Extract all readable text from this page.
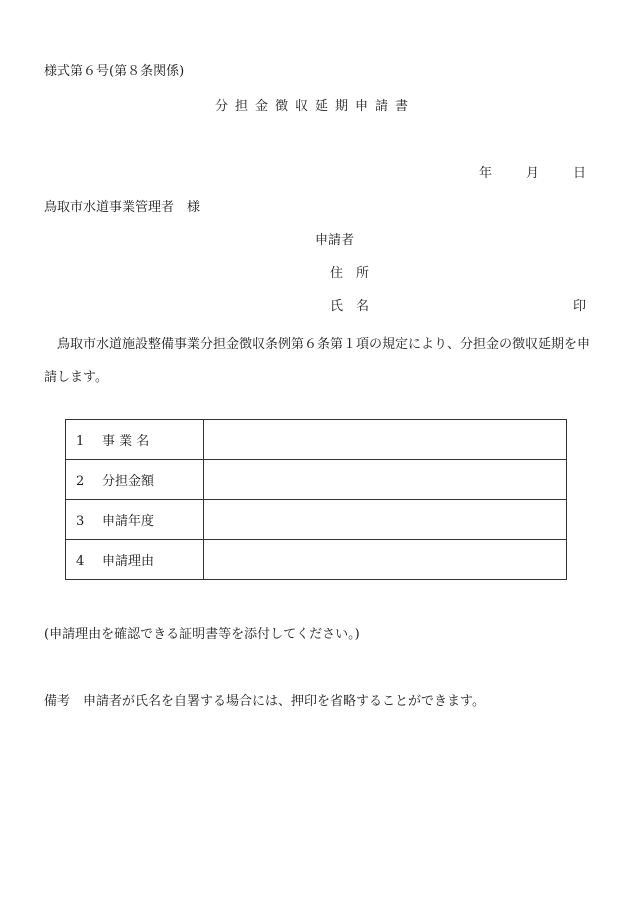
様式第６号(第８条関係)
分担金徴収延期申請書
年	月	日
鳥取市水道事業管理者　様
申請者
住　所
氏　名	印
鳥取市水道施設整備事業分担金徴収条例第６条第１項の規定により、分担金の徴収延期を申請します。
1 事 業 名	
2 分担金額	
3 申請年度	
4 申請理由	
(申請理由を確認できる証明書等を添付してください。)
備考　申請者が氏名を自署する場合には、押印を省略することができます。
